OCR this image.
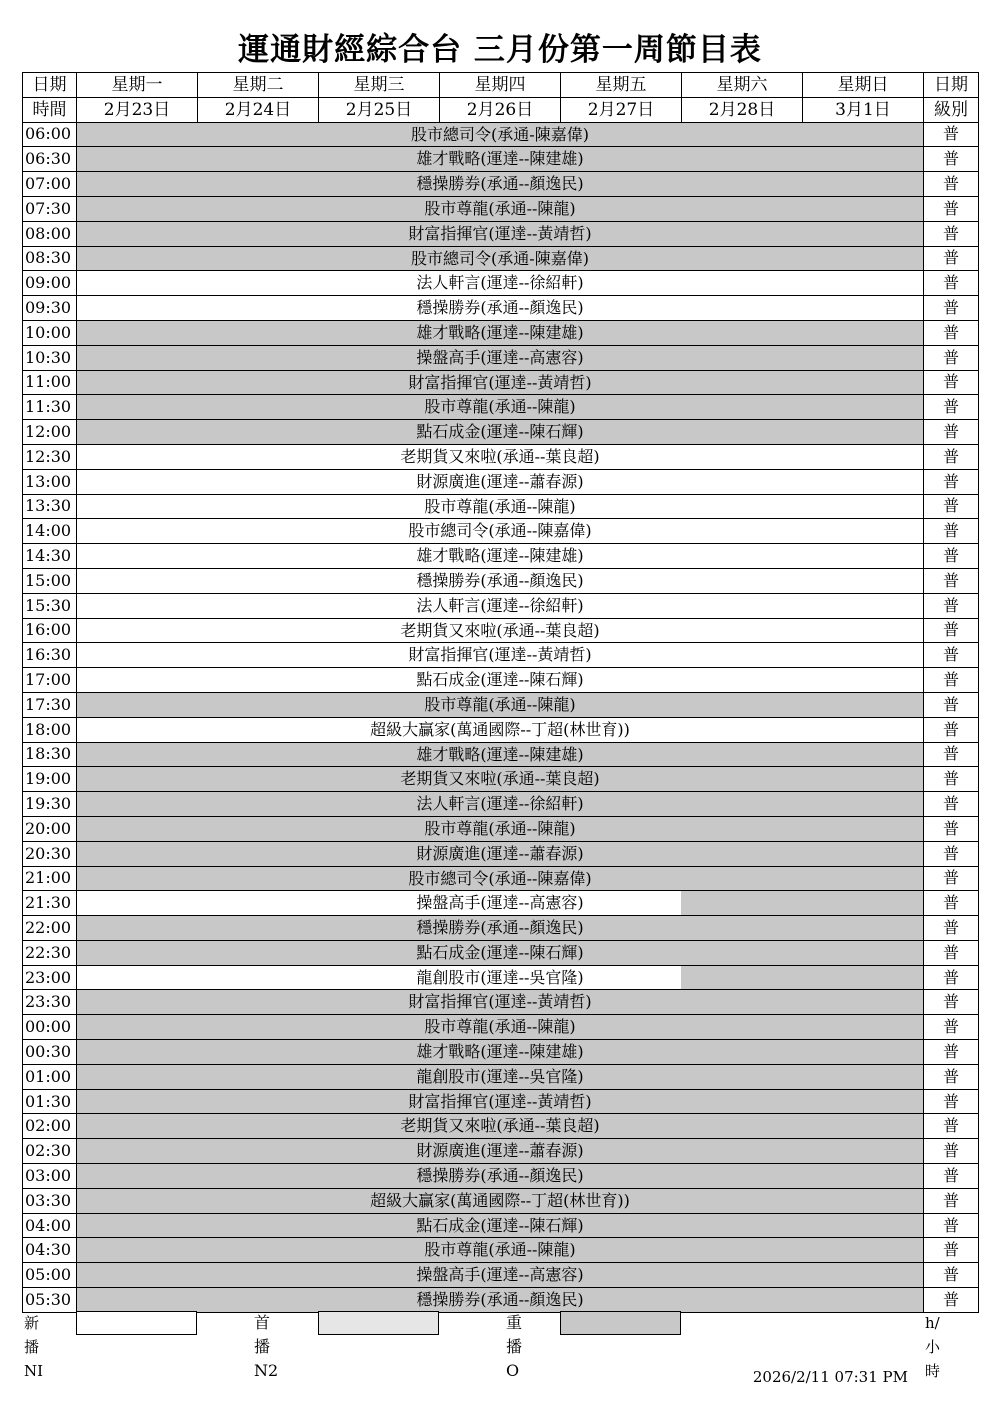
運通財經綜合台 三月份第一周節目表
日期	星期一	星期二	星期三	星期四	星期五	星期六	星期日	日期
時間	2月23日	2月24日	2月25日	2月26日	2月27日	2月28日	3月1日	級別
06:00	股市總司令(承通-陳嘉偉)							普
06:30	雄才戰略(運達--陳建雄)							普
07:00	穩操勝券(承通--顏逸民)							普
07:30	股市尊龍(承通--陳龍)							普
08:00	財富指揮官(運達--黃靖哲)							普
08:30	股市總司令(承通-陳嘉偉)							普
09:00	法人軒言(運達--徐紹軒)							普
09:30	穩操勝券(承通--顏逸民)							普
10:00	雄才戰略(運達--陳建雄)							普
10:30	操盤高手(運達--高憲容)							普
11:00	財富指揮官(運達--黃靖哲)							普
11:30	股市尊龍(承通--陳龍)							普
12:00	點石成金(運達--陳石輝)							普
12:30	老期貨又來啦(承通--葉良超)							普
13:00	財源廣進(運達--蕭春源)							普
13:30	股市尊龍(承通--陳龍)							普
14:00	股市總司令(承通--陳嘉偉)							普
14:30	雄才戰略(運達--陳建雄)							普
15:00	穩操勝券(承通--顏逸民)							普
15:30	法人軒言(運達--徐紹軒)							普
16:00	老期貨又來啦(承通--葉良超)							普
16:30	財富指揮官(運達--黃靖哲)							普
17:00	點石成金(運達--陳石輝)							普
17:30	股市尊龍(承通--陳龍)							普
18:00	超級大贏家(萬通國際--丁超(林世育))							普
18:30	雄才戰略(運達--陳建雄)							普
19:00	老期貨又來啦(承通--葉良超)							普
19:30	法人軒言(運達--徐紹軒)							普
20:00	股市尊龍(承通--陳龍)							普
20:30	財源廣進(運達--蕭春源)							普
21:00	股市總司令(承通--陳嘉偉)							普
21:30	操盤高手(運達--高憲容)							普
22:00	穩操勝券(承通--顏逸民)							普
22:30	點石成金(運達--陳石輝)							普
23:00	龍創股市(運達--吳官隆)							普
23:30	財富指揮官(運達--黃靖哲)							普
00:00	股市尊龍(承通--陳龍)							普
00:30	雄才戰略(運達--陳建雄)							普
01:00	龍創股市(運達--吳官隆)							普
01:30	財富指揮官(運達--黃靖哲)							普
02:00	老期貨又來啦(承通--葉良超)							普
02:30	財源廣進(運達--蕭春源)							普
03:00	穩操勝券(承通--顏逸民)							普
03:30	超級大贏家(萬通國際--丁超(林世育))							普
04:00	點石成金(運達--陳石輝)							普
04:30	股市尊龍(承通--陳龍)							普
05:00	操盤高手(運達--高憲容)							普
05:30	穩操勝券(承通--顏逸民)							普
新播NI
首播N2
重播O
h/小時
2026/2/11 07:31 PM
